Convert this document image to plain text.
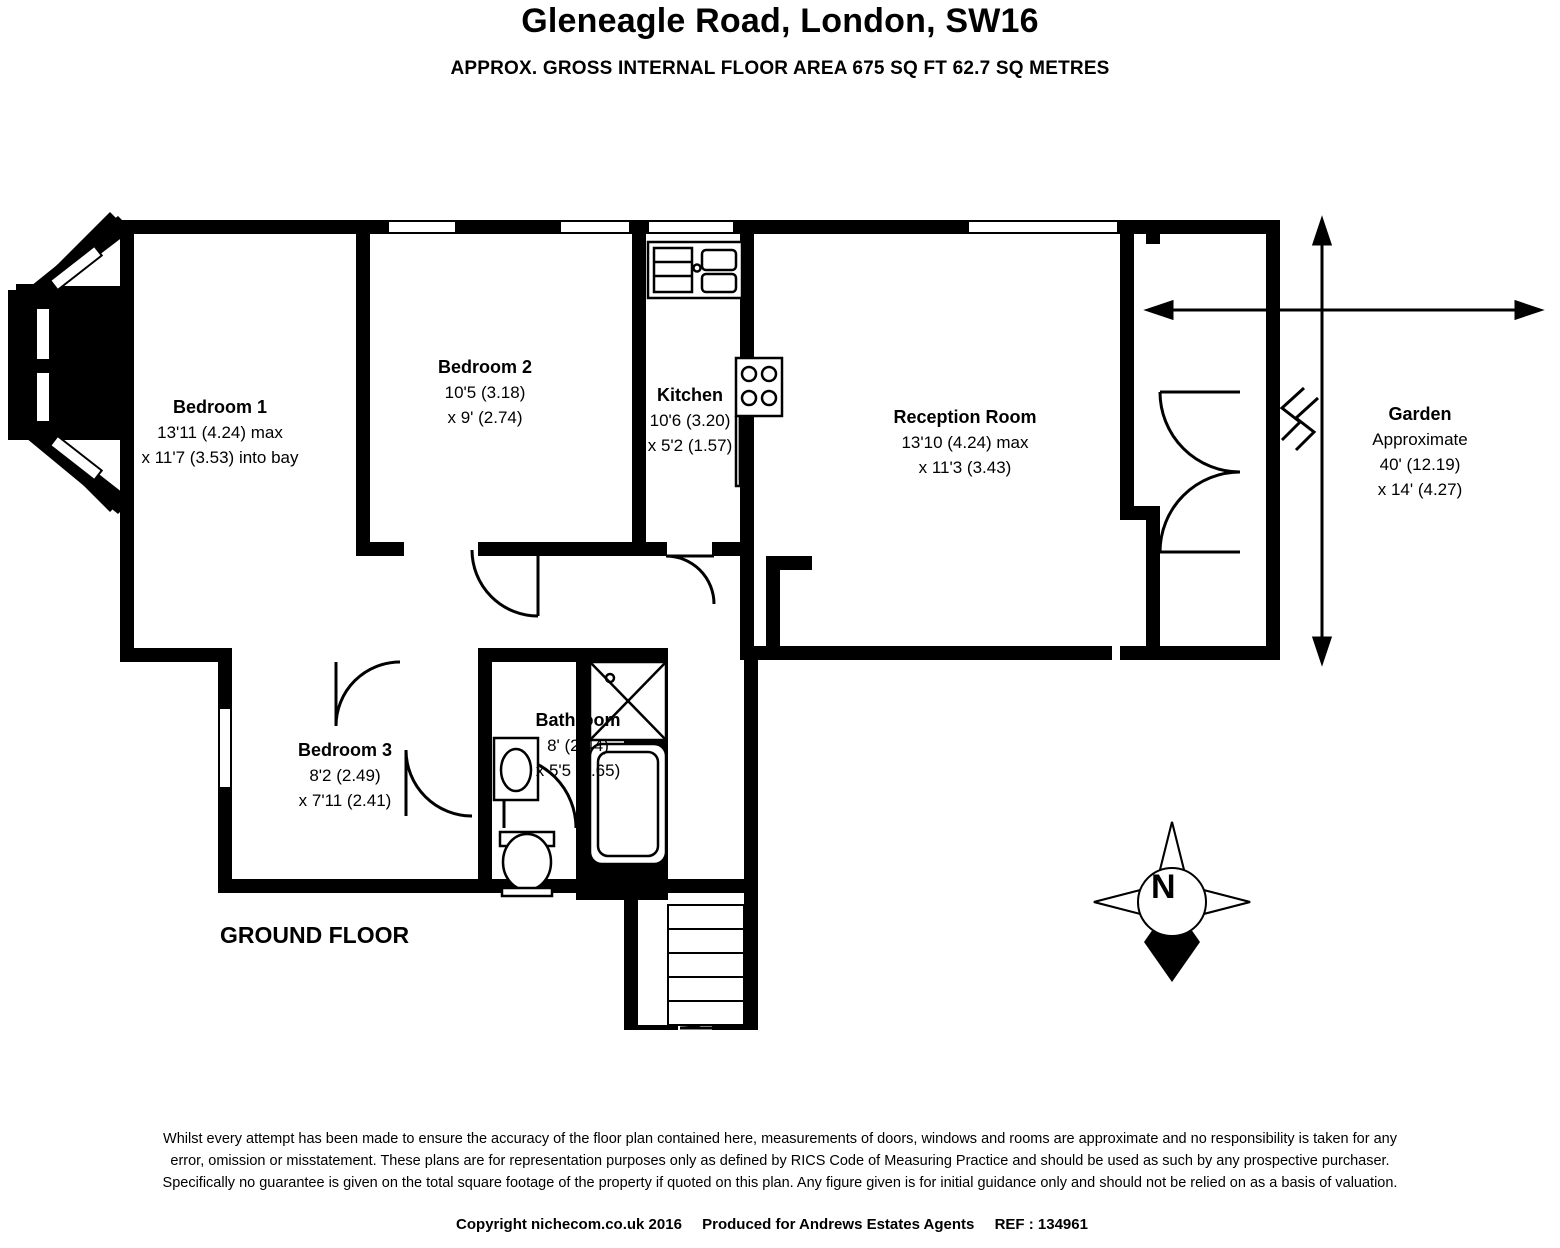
Gleneagle Road, London, SW16
APPROX. GROSS INTERNAL FLOOR AREA 675 SQ FT 62.7 SQ METRES
Bedroom 1
13'11 (4.24) max
x 11'7 (3.53) into bay
Bedroom 2
10'5 (3.18)
x 9' (2.74)
Kitchen
10'6 (3.20)
x 5'2 (1.57)
Reception Room
13'10 (4.24) max
x 11'3 (3.43)
Garden
Approximate
40' (12.19)
x 14' (4.27)
Bedroom 3
8'2 (2.49)
x 7'11 (2.41)
Bathroom
8' (2.44)
x 5'5 (1.65)
GROUND FLOOR
N
Whilst every attempt has been made to ensure the accuracy of the floor plan contained here, measurements of doors, windows and rooms are approximate and no responsibility is taken for any
error, omission or misstatement. These plans are for representation purposes only as defined by RICS Code of Measuring Practice and should be used as such by any prospective purchaser.
Specifically no guarantee is given on the total square footage of the property if quoted on this plan. Any figure given is for initial guidance only and should not be relied on as a basis of valuation.
Copyright nichecom.co.uk 2016 Produced for Andrews Estates Agents REF : 134961
